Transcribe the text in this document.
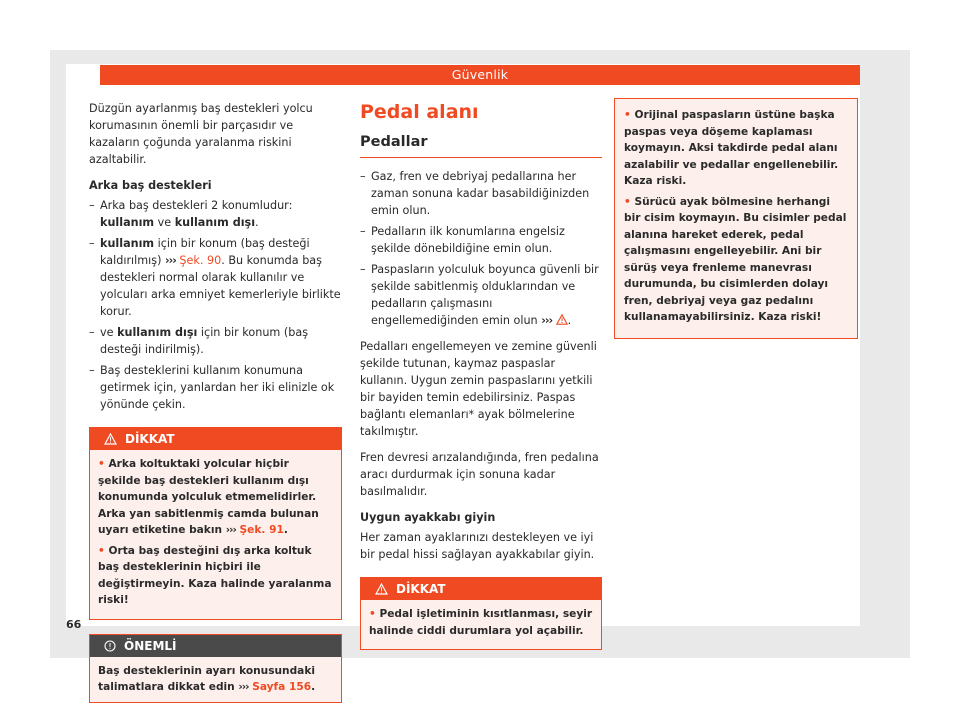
Güvenlik

Düzgün ayarlanmış baş destekleri yolcu korumasının önemli bir parçasıdır ve kazaların çoğunda yaralanma riskini azaltabilir.

Arka baş destekleri
– Arka baş destekleri 2 konumludur: kullanım ve kullanım dışı.
– kullanım için bir konum (baş desteği kaldırılmış) ››› Şek. 90. Bu konumda baş destekleri normal olarak kullanılır ve yolcuları arka emniyet kemerleriyle birlikte korur.
– ve kullanım dışı için bir konum (baş desteği indirilmiş).
– Baş desteklerini kullanım konumuna getirmek için, yanlardan her iki elinizle ok yönünde çekin.
DİKKAT
• Arka koltuktaki yolcular hiçbir şekilde baş destekleri kullanım dışı konumunda yolculuk etmemelidirler. Arka yan sabitlenmiş camda bulunan uyarı etiketine bakın ››› Şek. 91.
• Orta baş desteğini dış arka koltuk baş desteklerinin hiçbiri ile değiştirmeyin. Kaza halinde yaralanma riski!
ÖNEMLİ
Baş desteklerinin ayarı konusundaki talimatlara dikkat edin ››› Sayfa 156.
Pedal alanı
Pedallar
– Gaz, fren ve debriyaj pedallarına her zaman sonuna kadar basabildiğinizden emin olun.
– Pedalların ilk konumlarına engelsiz şekilde dönebildiğine emin olun.
– Paspasların yolculuk boyunca güvenli bir şekilde sabitlenmiş olduklarından ve pedalların çalışmasını engellemediğinden emin olun ››› .

Pedalları engellemeyen ve zemine güvenli şekilde tutunan, kaymaz paspaslar kullanın. Uygun zemin paspaslarını yetkili bir bayiden temin edebilirsiniz. Paspas bağlantı elemanları* ayak bölmelerine takılmıştır.

Fren devresi arızalandığında, fren pedalına aracı durdurmak için sonuna kadar basılmalıdır.

Uygun ayakkabı giyin

Her zaman ayaklarınızı destekleyen ve iyi bir pedal hissi sağlayan ayakkabılar giyin.

DİKKAT
• Pedal işletiminin kısıtlanması, seyir halinde ciddi durumlara yol açabilir.
• Orijinal paspasların üstüne başka paspas veya döşeme kaplaması koymayın. Aksi takdirde pedal alanı azalabilir ve pedallar engellenebilir. Kaza riski.
• Sürücü ayak bölmesine herhangi bir cisim koymayın. Bu cisimler pedal alanına hareket ederek, pedal çalışmasını engelleyebilir. Ani bir sürüş veya frenleme manevrası durumunda, bu cisimlerden dolayı fren, debriyaj veya gaz pedalını kullanamayabilirsiniz. Kaza riski!
66
